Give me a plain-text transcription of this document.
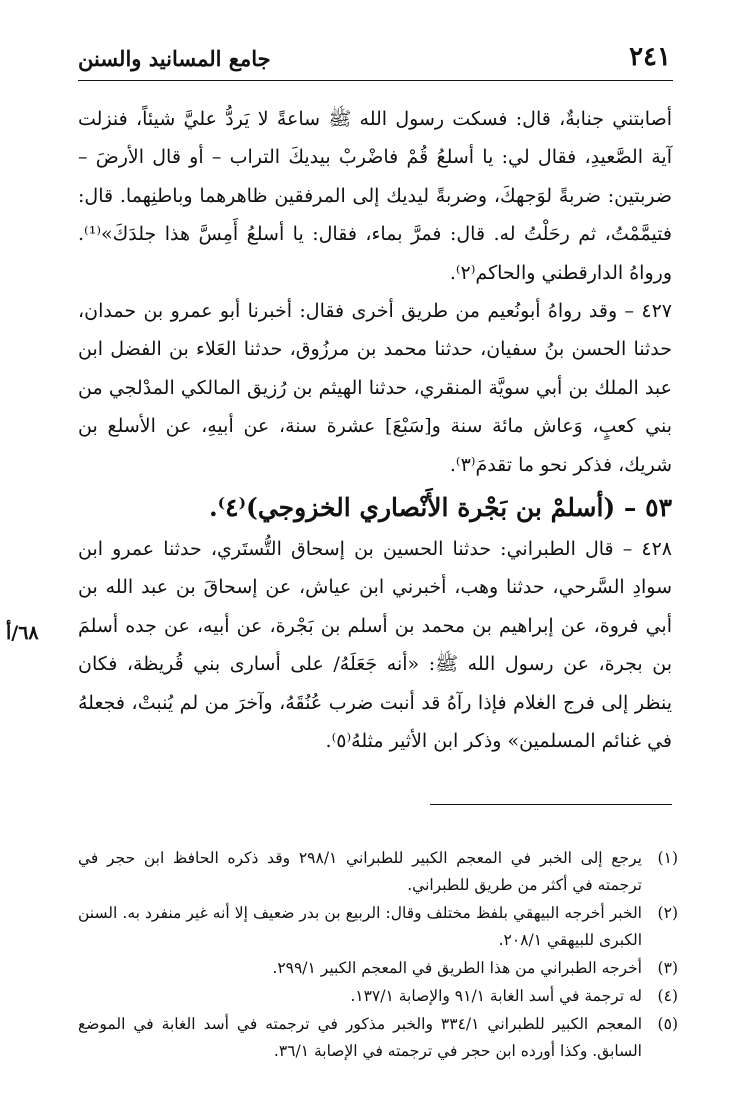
٢٤١
جامع المسانيد والسنن

أصابتني جنابةٌ، قال: فسكت رسول الله ﷺ ساعةً لا يَردُّ عليَّ شيئاً، فنزلت آية الصَّعيدِ، فقال لي: يا أسلعُ قُمْ فاضْربْ بيديكَ التراب – أو قال الأرضَ – ضربتين: ضربةً لوَجهكَ، وضربةً ليديك إلى المرفقين ظاهرهما وباطنِهما. قال: فتيمَّمْتُ، ثم رحَلْتُ له. قال: فمرَّ بماء، فقال: يا أسلعُ أَمِسَّ هذا جلدَكَ»⁽¹⁾. ورواهُ الدارقطني والحاكم⁽٢⁾.

٤٢٧ – وقد رواهُ أبونُعيم من طريق أخرى فقال: أخبرنا أبو عمرو بن حمدان، حدثنا الحسن بنُ سفيان، حدثنا محمد بن مرزُوق، حدثنا العَلاء بن الفضل ابن عبد الملك بن أبي سويَّة المنقري، حدثنا الهيثم بن رُزيق المالكي المدْلجي من بني كعبٍ، وَعاش مائة سنة و[سَبْعَ] عشرة سنة، عن أبيهِ، عن الأسلع بن شريك، فذكر نحو ما تقدمَ⁽٣⁾.

٥٣ – (أسلمْ بن بَجْرة الأَنْصاري الخزوجي)⁽٤⁾.

٤٢٨ – قال الطبراني: حدثنا الحسين بن إسحاق التُّستَري، حدثنا عمرو ابن سوادِ السَّرحي، حدثنا وهب، أخبرني ابن عياش، عن إسحاقَ بن عبد الله بن أبي فروة، عن إبراهيم بن محمد بن أسلم بن بَجْرة، عن أبيه، عن جده أسلمَ بن بجرة، عن رسول الله ﷺ: «أنه جَعَلَهُ/ على أسارى بني قُريظة، فكان ينظر إلى فرج الغلام فإذا رآهُ قد أنبت ضرب عُنُقَهُ، وآخرَ من لم يُنبتْ، فجعلهُ في غنائم المسلمين» وذكر ابن الأثير مثلهُ⁽٥⁾.

٦٨/أ
(١)
يرجع إلى الخبر في المعجم الكبير للطبراني ٢٩٨/١ وقد ذكره الحافظ ابن حجر في ترجمته في أكثر من طريق للطبراني.
(٢)
الخبر أخرجه البيهقي بلفظ مختلف وقال: الربيع بن بدر ضعيف إلا أنه غير منفرد به. السنن الكبرى للبيهقي ٢٠٨/١.
(٣)
أخرجه الطبراني من هذا الطريق في المعجم الكبير ٢٩٩/١.
(٤)
له ترجمة في أسد الغابة ٩١/١ والإصابة ١٣٧/١.
(٥)
المعجم الكبير للطبراني ٣٣٤/١ والخبر مذكور في ترجمته في أسد الغابة في الموضع السابق. وكذا أورده ابن حجر في ترجمته في الإصابة ٣٦/١.
